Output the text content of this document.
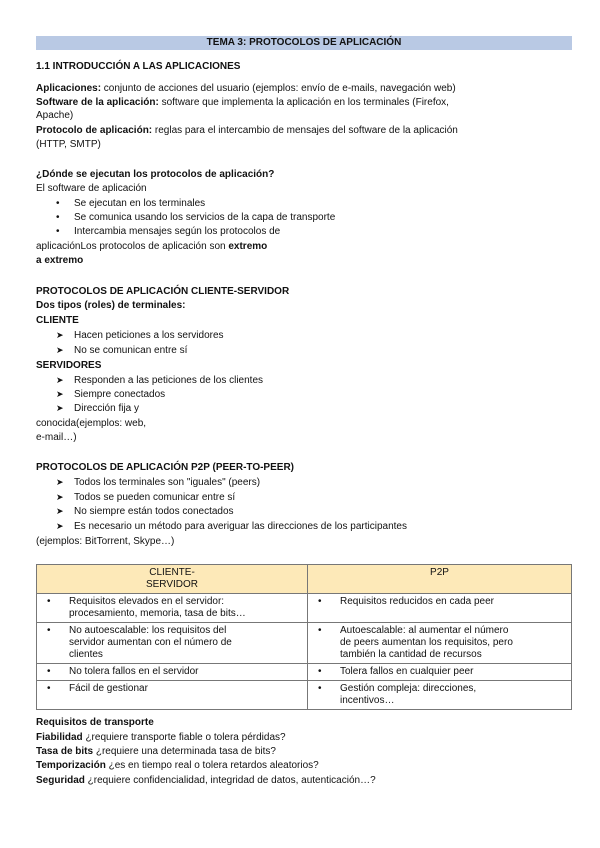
TEMA 3: PROTOCOLOS DE APLICACIÓN
1.1 INTRODUCCIÓN A LAS APLICACIONES
Aplicaciones: conjunto de acciones del usuario (ejemplos: envío de e-mails, navegación web)
Software de la aplicación: software que implementa la aplicación en los terminales (Firefox,
Apache)
Protocolo de aplicación: reglas para el intercambio de mensajes del software de la aplicación
(HTTP, SMTP)
¿Dónde se ejecutan los protocolos de aplicación?
El software de aplicación
• Se ejecutan en los terminales
• Se comunica usando los servicios de la capa de transporte
• Intercambia mensajes según los protocolos de
aplicaciónLos protocolos de aplicación son extremo
a extremo
PROTOCOLOS DE APLICACIÓN CLIENTE-SERVIDOR
Dos tipos (roles) de terminales:
CLIENTE
➤ Hacen peticiones a los servidores
➤ No se comunican entre sí
SERVIDORES
➤ Responden a las peticiones de los clientes
➤ Siempre conectados
➤ Dirección fija y
conocida(ejemplos: web,
e-mail…)
PROTOCOLOS DE APLICACIÓN P2P (PEER-TO-PEER)
➤ Todos los terminales son "iguales" (peers)
➤ Todos se pueden comunicar entre sí
➤ No siempre están todos conectados
➤ Es necesario un método para averiguar las direcciones de los participantes
(ejemplos: BitTorrent, Skype…)
CLIENTE-
SERVIDOR	P2P

• Requisitos elevados en el servidor:
procesamiento, memoria, tasa de bits…	• Requisitos reducidos en cada peer

• No autoescalable: los requisitos del
servidor aumentan con el número de
clientes	• Autoescalable: al aumentar el número
de peers aumentan los requisitos, pero
también la cantidad de recursos

• No tolera fallos en el servidor	• Tolera fallos en cualquier peer

• Fácil de gestionar	• Gestión compleja: direcciones,
incentivos…
Requisitos de transporte
Fiabilidad ¿requiere transporte fiable o tolera pérdidas?
Tasa de bits ¿requiere una determinada tasa de bits?
Temporización ¿es en tiempo real o tolera retardos aleatorios?
Seguridad ¿requiere confidencialidad, integridad de datos, autenticación…?
